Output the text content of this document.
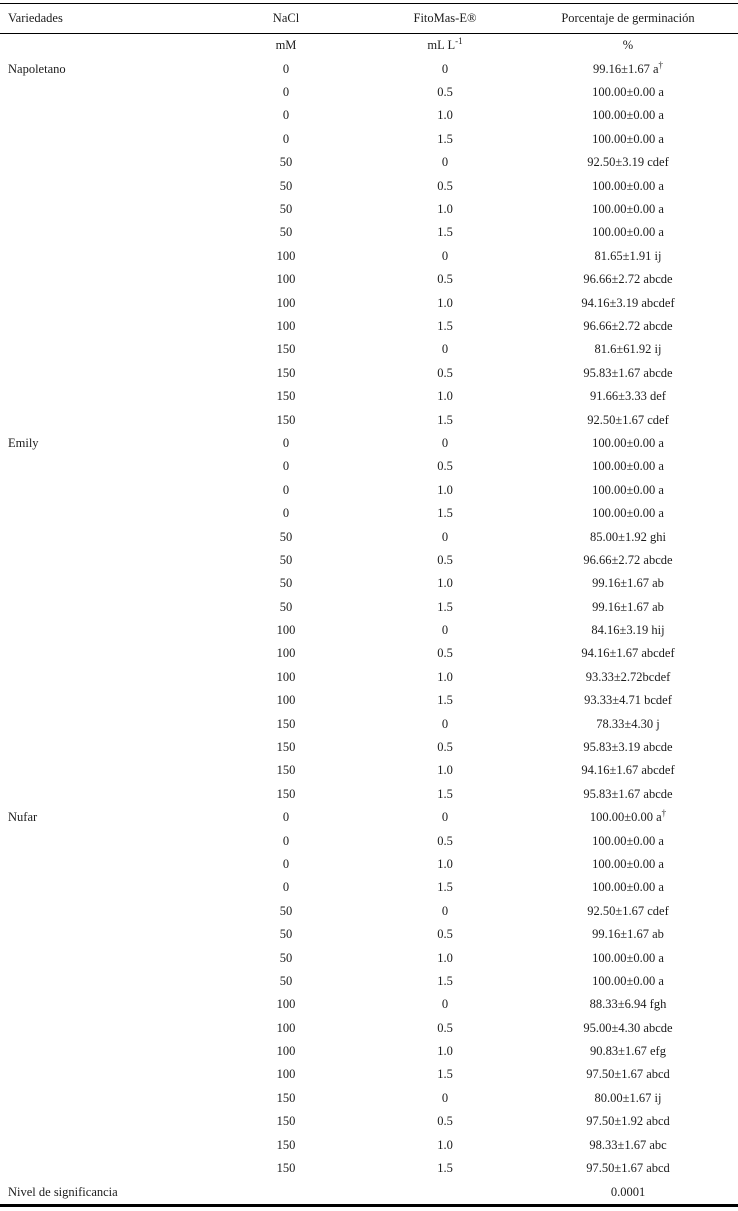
Variedades	NaCl	FitoMas-E®	Porcentaje de germinación
	mM	mL $L^{-1}$	%
Napoletano	0	0	99.16±1.67 a†
	0	0.5	100.00±0.00 a
	0	1.0	100.00±0.00 a
	0	1.5	100.00±0.00 a
	50	0	92.50±3.19 cdef
	50	0.5	100.00±0.00 a
	50	1.0	100.00±0.00 a
	50	1.5	100.00±0.00 a
	100	0	81.65±1.91 ij
	100	0.5	96.66±2.72 abcde
	100	1.0	94.16±3.19 abcdef
	100	1.5	96.66±2.72 abcde
	150	0	81.6±61.92 ij
	150	0.5	95.83±1.67 abcde
	150	1.0	91.66±3.33 def
	150	1.5	92.50±1.67 cdef
Emily	0	0	100.00±0.00 a
	0	0.5	100.00±0.00 a
	0	1.0	100.00±0.00 a
	0	1.5	100.00±0.00 a
	50	0	85.00±1.92 ghi
	50	0.5	96.66±2.72 abcde
	50	1.0	99.16±1.67 ab
	50	1.5	99.16±1.67 ab
	100	0	84.16±3.19 hij
	100	0.5	94.16±1.67 abcdef
	100	1.0	93.33±2.72bcdef
	100	1.5	93.33±4.71 bcdef
	150	0	78.33±4.30 j
	150	0.5	95.83±3.19 abcde
	150	1.0	94.16±1.67 abcdef
	150	1.5	95.83±1.67 abcde
Nufar	0	0	100.00±0.00 a†
	0	0.5	100.00±0.00 a
	0	1.0	100.00±0.00 a
	0	1.5	100.00±0.00 a
	50	0	92.50±1.67 cdef
	50	0.5	99.16±1.67 ab
	50	1.0	100.00±0.00 a
	50	1.5	100.00±0.00 a
	100	0	88.33±6.94 fgh
	100	0.5	95.00±4.30 abcde
	100	1.0	90.83±1.67 efg
	100	1.5	97.50±1.67 abcd
	150	0	80.00±1.67 ij
	150	0.5	97.50±1.92 abcd
	150	1.0	98.33±1.67 abc
	150	1.5	97.50±1.67 abcd
Nivel de significancia			0.0001
